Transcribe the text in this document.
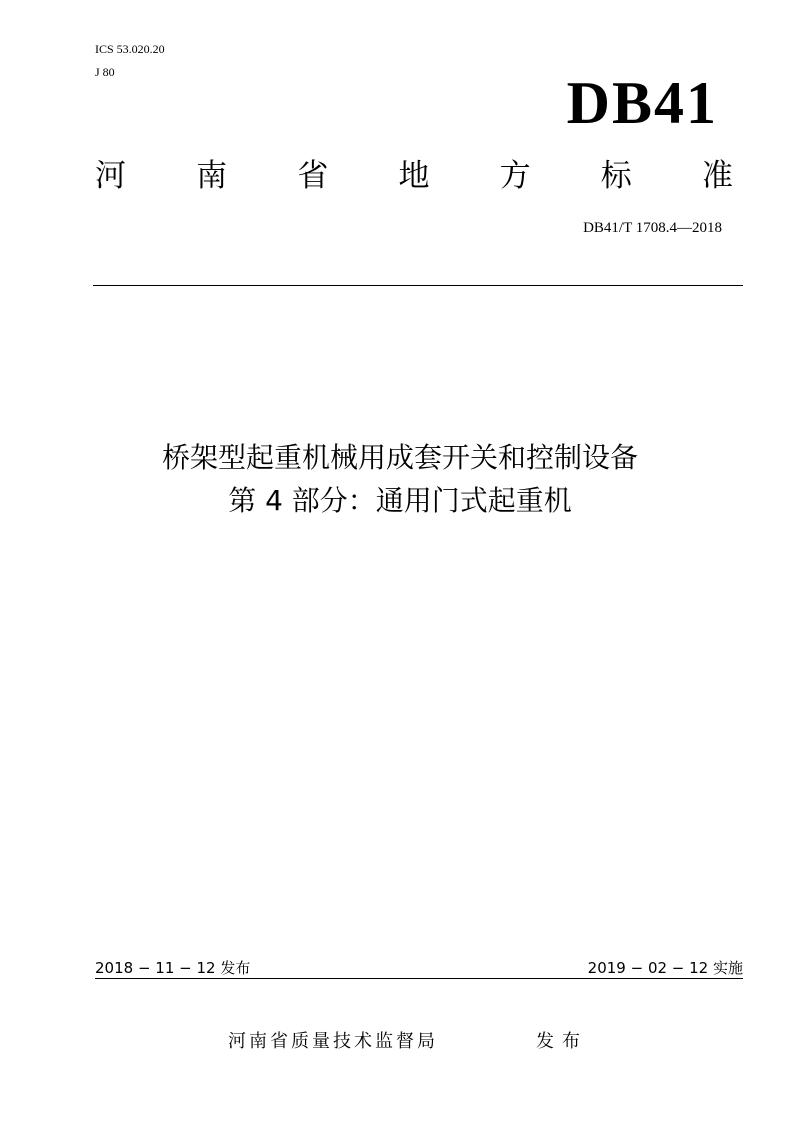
ICS 53.020.20
J 80	DB41
河 南 省 地 方 标 准
DB41/T 1708.4—2018
桥架型起重机械用成套开关和控制设备
第 4 部分：通用门式起重机
2018 − 11 − 12 发布	2019 − 02 − 12 实施
河南省质量技术监督局	发布
